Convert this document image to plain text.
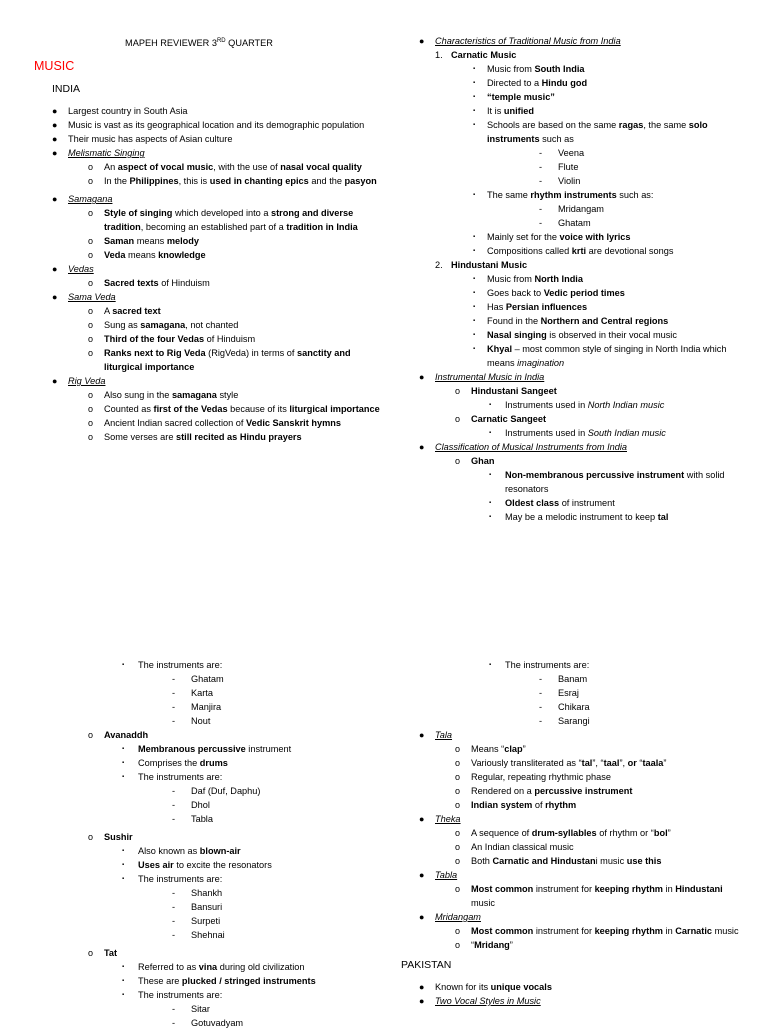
MAPEH REVIEWER 3RD QUARTER
MUSIC
INDIA
● Largest country in South Asia
● Music is vast as its geographical location and its demographic population
● Their music has aspects of Asian culture
● Melismatic Singing
o An aspect of vocal music, with the use of nasal vocal quality
o In the Philippines, this is used in chanting epics and the pasyon
● Samagana
o Style of singing which developed into a strong and diverse tradition, becoming an established part of a tradition in India
o Saman means melody
o Veda means knowledge
● Vedas
o Sacred texts of Hinduism
● Sama Veda
o A sacred text
o Sung as samagana, not chanted
o Third of the four Vedas of Hinduism
o Ranks next to Rig Veda (RigVeda) in terms of sanctity and liturgical importance
● Rig Veda
o Also sung in the samagana style
o Counted as first of the Vedas because of its liturgical importance
o Ancient Indian sacred collection of Vedic Sanskrit hymns
o Some verses are still recited as Hindu prayers
● Characteristics of Traditional Music from India
1. Carnatic Music
▪ Music from South India
▪ Directed to a Hindu god
▪ “temple music”
▪ It is unified
▪ Schools are based on the same ragas, the same solo instruments such as
- Veena
- Flute
- Violin
▪ The same rhythm instruments such as:
- Mridangam
- Ghatam
▪ Mainly set for the voice with lyrics
▪ Compositions called krti are devotional songs
2. Hindustani Music
▪ Music from North India
▪ Goes back to Vedic period times
▪ Has Persian influences
▪ Found in the Northern and Central regions
▪ Nasal singing is observed in their vocal music
▪ Khyal – most common style of singing in North India which means imagination
● Instrumental Music in India
o Hindustani Sangeet
▪ Instruments used in North Indian music
o Carnatic Sangeet
▪ Instruments used in South Indian music
● Classification of Musical Instruments from India
o Ghan
▪ Non-membranous percussive instrument with solid resonators
▪ Oldest class of instrument
▪ May be a melodic instrument to keep tal
▪ The instruments are:
- Ghatam
- Karta
- Manjira
- Nout
o Avanaddh
▪ Membranous percussive instrument
▪ Comprises the drums
▪ The instruments are:
- Daf (Duf, Daphu)
- Dhol
- Tabla
o Sushir
▪ Also known as blown-air
▪ Uses air to excite the resonators
▪ The instruments are:
- Shankh
- Bansuri
- Surpeti
- Shehnai
o Tat
▪ Referred to as vina during old civilization
▪ These are plucked / stringed instruments
▪ The instruments are:
- Sitar
- Gotuvadyam
▪ The instruments are:
- Banam
- Esraj
- Chikara
- Sarangi
● Tala
o Means “clap”
o Variously transliterated as “tal”, “taal”, or “taala”
o Regular, repeating rhythmic phase
o Rendered on a percussive instrument
o Indian system of rhythm
● Theka
o A sequence of drum-syllables of rhythm or “bol”
o An Indian classical music
o Both Carnatic and Hindustani music use this
● Tabla
o Most common instrument for keeping rhythm in Hindustani music
● Mridangam
o Most common instrument for keeping rhythm in Carnatic music
o “Mridang”
PAKISTAN
● Known for its unique vocals
● Two Vocal Styles in Music
